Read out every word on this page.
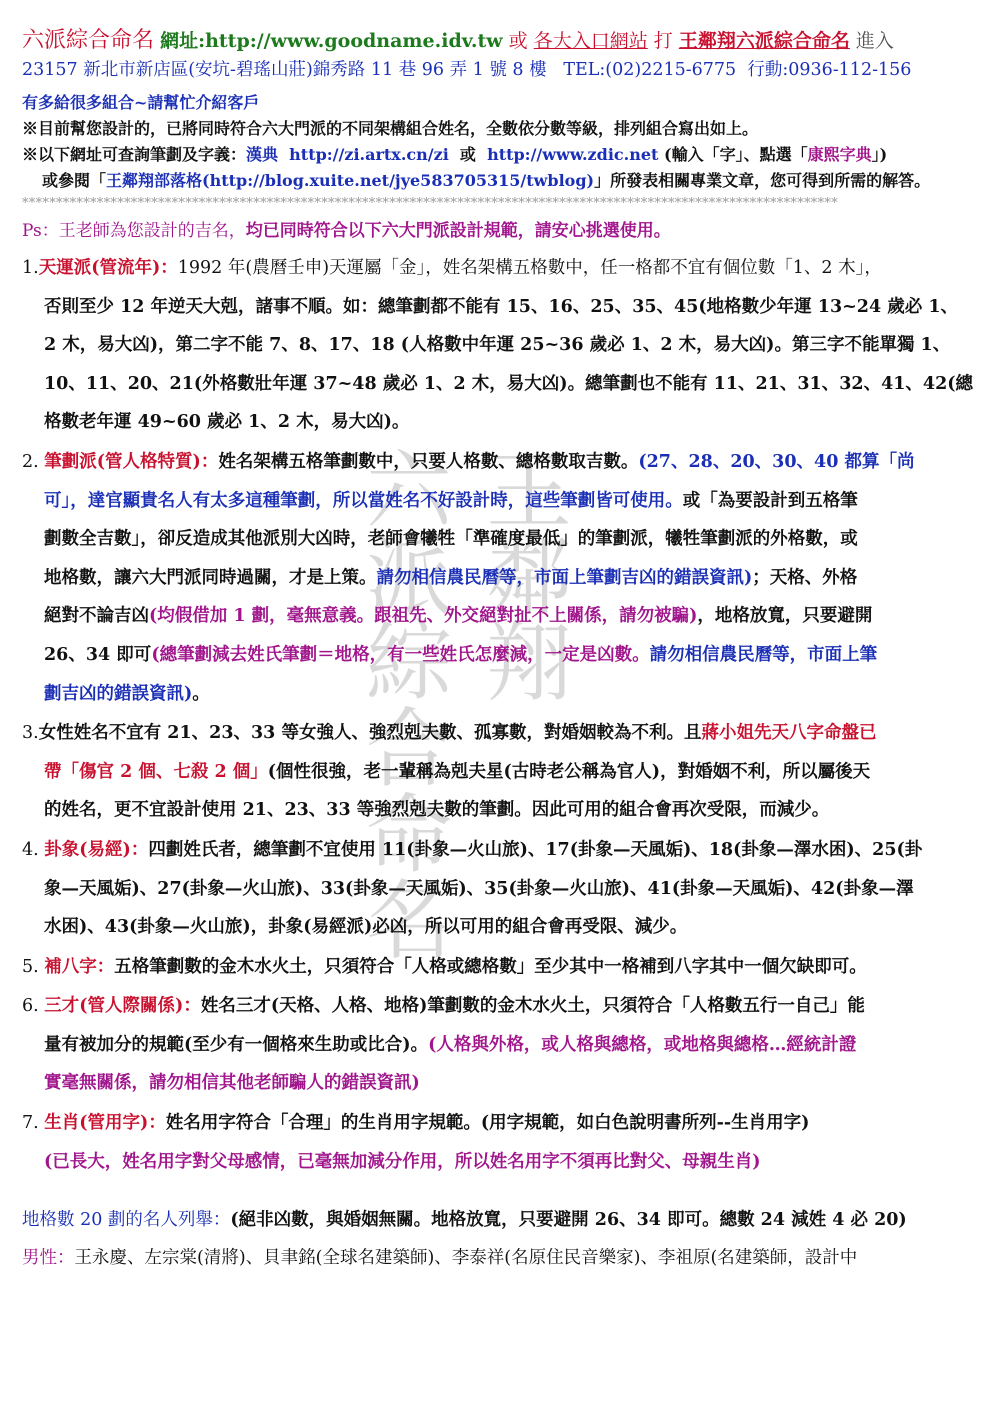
六派綜合命名 王鄰翔
六派綜合命名 網址:http://www.goodname.idv.tw 或 各大入口網站 打 王鄰翔六派綜合命名 進入
23157 新北市新店區(安坑-碧瑤山莊)錦秀路 11 巷 96 弄 1 號 8 樓 TEL:(02)2215-6775 行動:0936-112-156
有多給很多組合~請幫忙介紹客戶
※目前幫您設計的，已將同時符合六大門派的不同架構組合姓名，全數依分數等級，排列組合寫出如上。
※以下網址可查詢筆劃及字義：漢典 http://zi.artx.cn/zi 或 http://www.zdic.net (輸入「字」、點選「康熙字典」)
或參閱「王鄰翔部落格(http://blog.xuite.net/jye583705315/twblog)」所發表相關專業文章，您可得到所需的解答。
************************************************************************************************************************
Ps：王老師為您設計的吉名，均已同時符合以下六大門派設計規範，請安心挑選使用。
1.天運派(管流年)：1992 年(農曆壬申)天運屬「金」，姓名架構五格數中，任一格都不宜有個位數「1、2 木」，
否則至少 12 年逆天大剋，諸事不順。如：總筆劃都不能有 15、16、25、35、45(地格數少年運 13~24 歲必 1、
2 木，易大凶)，第二字不能 7、8、17、18 (人格數中年運 25~36 歲必 1、2 木，易大凶)。第三字不能單獨 1、
10、11、20、21(外格數壯年運 37~48 歲必 1、2 木，易大凶)。總筆劃也不能有 11、21、31、32、41、42(總
格數老年運 49~60 歲必 1、2 木，易大凶)。
2. 筆劃派(管人格特質)：姓名架構五格筆劃數中，只要人格數、總格數取吉數。(27、28、20、30、40 都算「尚
可」，達官顯貴名人有太多這種筆劃，所以當姓名不好設計時，這些筆劃皆可使用。或「為要設計到五格筆
劃數全吉數」，卻反造成其他派別大凶時，老師會犧牲「準確度最低」的筆劃派，犧牲筆劃派的外格數，或
地格數，讓六大門派同時過關，才是上策。請勿相信農民曆等，市面上筆劃吉凶的錯誤資訊)；天格、外格
絕對不論吉凶(均假借加 1 劃，毫無意義。跟祖先、外交絕對扯不上關係，請勿被騙)，地格放寬，只要避開
26、34 即可(總筆劃減去姓氏筆劃＝地格，有一些姓氏怎麼減，一定是凶數。請勿相信農民曆等，市面上筆
劃吉凶的錯誤資訊)。
3.女性姓名不宜有 21、23、33 等女強人、強烈剋夫數、孤寡數，對婚姻較為不利。且蔣小姐先天八字命盤已
帶「傷官 2 個、七殺 2 個」(個性很強，老一輩稱為剋夫星(古時老公稱為官人)，對婚姻不利，所以屬後天
的姓名，更不宜設計使用 21、23、33 等強烈剋夫數的筆劃。因此可用的組合會再次受限，而減少。
4. 卦象(易經)：四劃姓氏者，總筆劃不宜使用 11(卦象—火山旅)、17(卦象—天風姤)、18(卦象—澤水困)、25(卦
象—天風姤)、27(卦象—火山旅)、33(卦象—天風姤)、35(卦象—火山旅)、41(卦象—天風姤)、42(卦象—澤
水困)、43(卦象—火山旅)，卦象(易經派)必凶，所以可用的組合會再受限、減少。
5. 補八字：五格筆劃數的金木水火土，只須符合「人格或總格數」至少其中一格補到八字其中一個欠缺即可。
6. 三才(管人際關係)：姓名三才(天格、人格、地格)筆劃數的金木水火土，只須符合「人格數五行一自己」能
量有被加分的規範(至少有一個格來生助或比合)。(人格與外格，或人格與總格，或地格與總格…經統計證
實毫無關係，請勿相信其他老師騙人的錯誤資訊)
7. 生肖(管用字)：姓名用字符合「合理」的生肖用字規範。(用字規範，如白色說明書所列--生肖用字)
(已長大，姓名用字對父母感情，已毫無加減分作用，所以姓名用字不須再比對父、母親生肖)
地格數 20 劃的名人列舉：(絕非凶數，與婚姻無關。地格放寬，只要避開 26、34 即可。總數 24 減姓 4 必 20)
男性：王永慶、左宗棠(清將)、貝聿銘(全球名建築師)、李泰祥(名原住民音樂家)、李祖原(名建築師，設計中
